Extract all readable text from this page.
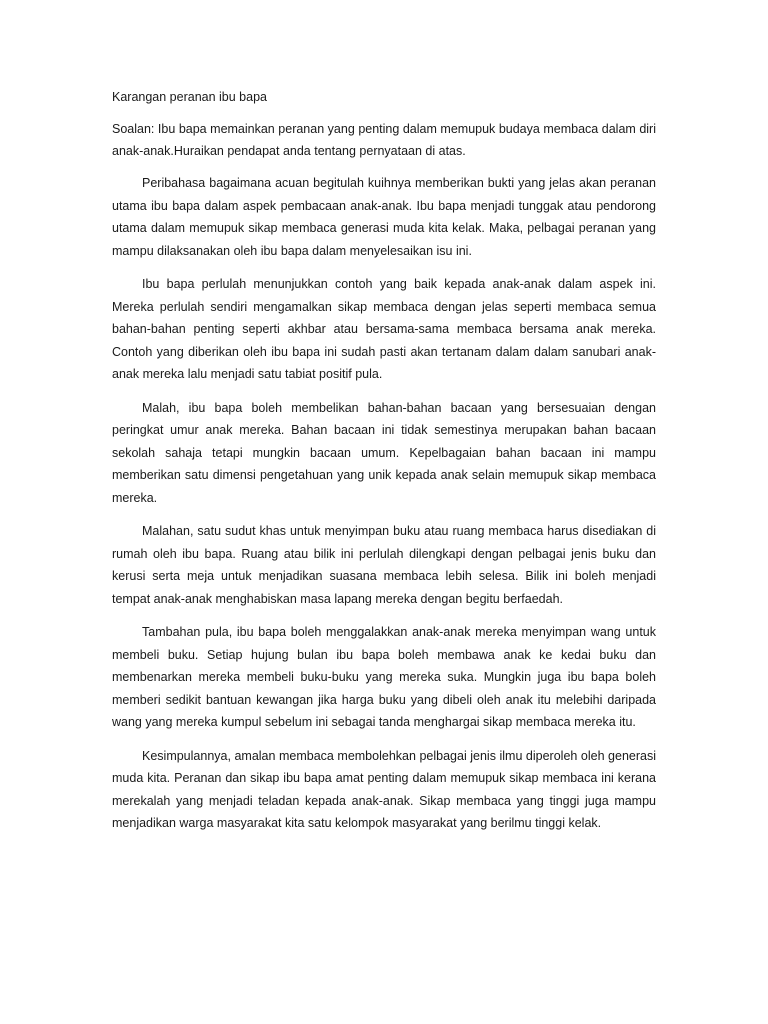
Karangan peranan ibu bapa

Soalan: Ibu bapa memainkan peranan yang penting dalam memupuk budaya membaca dalam diri anak-anak.Huraikan pendapat anda tentang pernyataan di atas.

Peribahasa bagaimana acuan begitulah kuihnya memberikan bukti yang jelas akan peranan utama ibu bapa dalam aspek pembacaan anak-anak. Ibu bapa menjadi tunggak atau pendorong utama dalam memupuk sikap membaca generasi muda kita kelak. Maka, pelbagai peranan yang mampu dilaksanakan oleh ibu bapa dalam menyelesaikan isu ini.

Ibu bapa perlulah menunjukkan contoh yang baik kepada anak-anak dalam aspek ini. Mereka perlulah sendiri mengamalkan sikap membaca dengan jelas seperti membaca semua bahan-bahan penting seperti akhbar atau bersama-sama membaca bersama anak mereka. Contoh yang diberikan oleh ibu bapa ini sudah pasti akan tertanam dalam dalam sanubari anak-anak mereka lalu menjadi satu tabiat positif pula.

Malah, ibu bapa boleh membelikan bahan-bahan bacaan yang bersesuaian dengan peringkat umur anak mereka. Bahan bacaan ini tidak semestinya merupakan bahan bacaan sekolah sahaja tetapi mungkin bacaan umum. Kepelbagaian bahan bacaan ini mampu memberikan satu dimensi pengetahuan yang unik kepada anak selain memupuk sikap membaca mereka.

Malahan, satu sudut khas untuk menyimpan buku atau ruang membaca harus disediakan di rumah oleh ibu bapa. Ruang atau bilik ini perlulah dilengkapi dengan pelbagai jenis buku dan kerusi serta meja untuk menjadikan suasana membaca lebih selesa. Bilik ini boleh menjadi tempat anak-anak menghabiskan masa lapang mereka dengan begitu berfaedah.

Tambahan pula, ibu bapa boleh menggalakkan anak-anak mereka menyimpan wang untuk membeli buku. Setiap hujung bulan ibu bapa boleh membawa anak ke kedai buku dan membenarkan mereka membeli buku-buku yang mereka suka. Mungkin juga ibu bapa boleh memberi sedikit bantuan kewangan jika harga buku yang dibeli oleh anak itu melebihi daripada wang yang mereka kumpul sebelum ini sebagai tanda menghargai sikap membaca mereka itu.

Kesimpulannya, amalan membaca membolehkan pelbagai jenis ilmu diperoleh oleh generasi muda kita. Peranan dan sikap ibu bapa amat penting dalam memupuk sikap membaca ini kerana merekalah yang menjadi teladan kepada anak-anak. Sikap membaca yang tinggi juga mampu menjadikan warga masyarakat kita satu kelompok masyarakat yang berilmu tinggi kelak.
